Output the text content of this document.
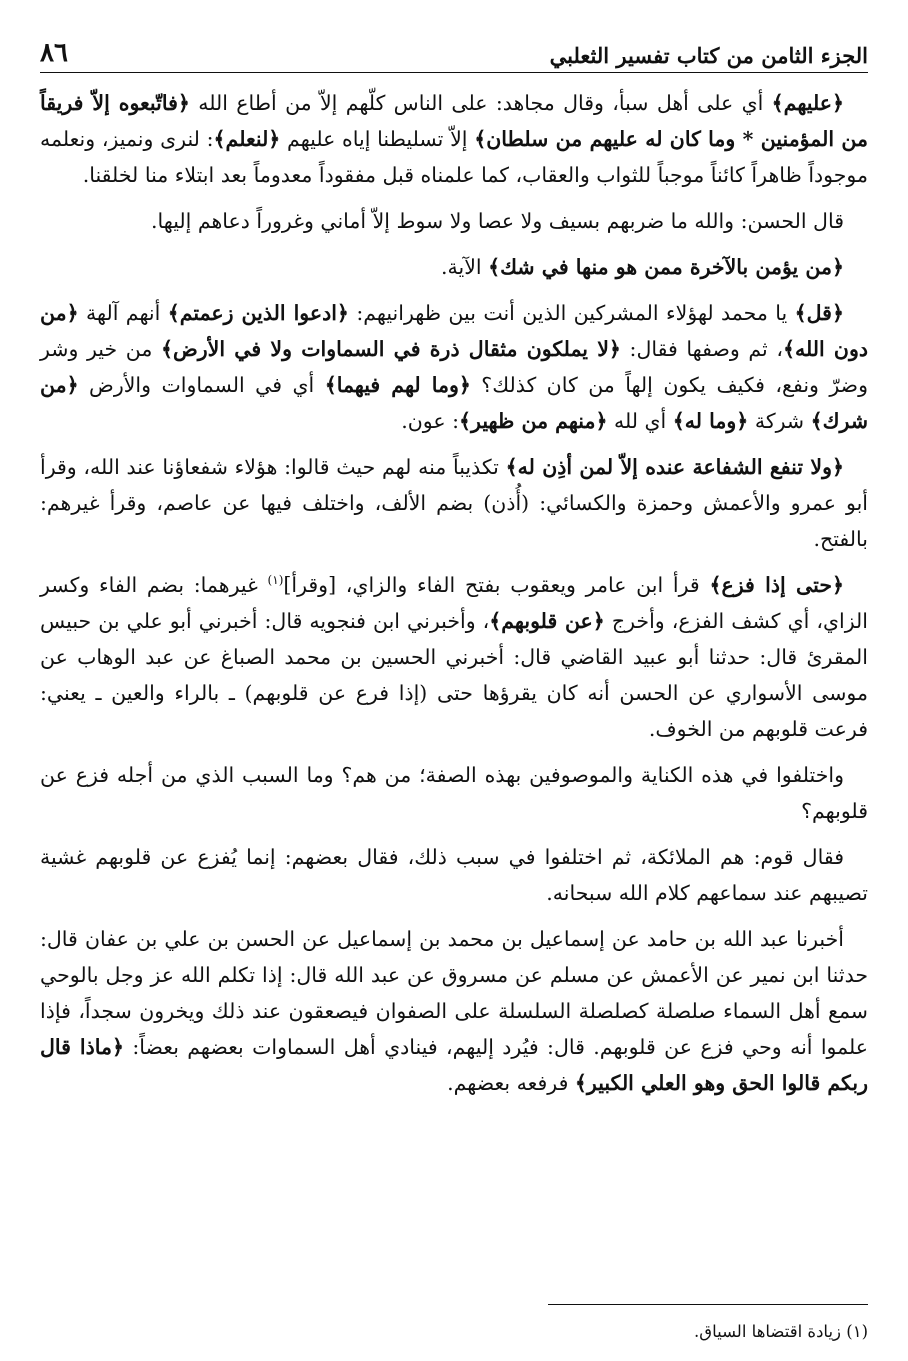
الجزء الثامن من كتاب تفسير الثعلبي
٨٦

﴿عليهم﴾ أي على أهل سبأ، وقال مجاهد: على الناس كلّهم إلاّ من أطاع الله ﴿فاتّبعوه إلاّ فريقاً من المؤمنين * وما كان له عليهم من سلطان﴾ إلاّ تسليطنا إياه عليهم ﴿لنعلم﴾: لنرى ونميز، ونعلمه موجوداً ظاهراً كائناً موجباً للثواب والعقاب، كما علمناه قبل مفقوداً معدوماً بعد ابتلاء منا لخلقنا.

قال الحسن: والله ما ضربهم بسيف ولا عصا ولا سوط إلاّ أماني وغروراً دعاهم إليها.

﴿من يؤمن بالآخرة ممن هو منها في شك﴾ الآية.

﴿قل﴾ يا محمد لهؤلاء المشركين الذين أنت بين ظهرانيهم: ﴿ادعوا الذين زعمتم﴾ أنهم آلهة ﴿من دون الله﴾، ثم وصفها فقال: ﴿لا يملكون مثقال ذرة في السماوات ولا في الأرض﴾ من خير وشر وضرّ ونفع، فكيف يكون إلهاً من كان كذلك؟ ﴿وما لهم فيهما﴾ أي في السماوات والأرض ﴿من شرك﴾ شركة ﴿وما له﴾ أي لله ﴿منهم من ظهير﴾: عون.

﴿ولا تنفع الشفاعة عنده إلاّ لمن أذِن له﴾ تكذيباً منه لهم حيث قالوا: هؤلاء شفعاؤنا عند الله، وقرأ أبو عمرو والأعمش وحمزة والكسائي: (أُذن) بضم الألف، واختلف فيها عن عاصم، وقرأ غيرهم: بالفتح.

﴿حتى إذا فزع﴾ قرأ ابن عامر ويعقوب بفتح الفاء والزاي، [وقرأ]$^{(١)}$ غيرهما: بضم الفاء وكسر الزاي، أي كشف الفزع، وأخرج ﴿عن قلوبهم﴾، وأخبرني ابن فنجويه قال: أخبرني أبو علي بن حبيس المقرئ قال: حدثنا أبو عبيد القاضي قال: أخبرني الحسين بن محمد الصباغ عن عبد الوهاب عن موسى الأسواري عن الحسن أنه كان يقرؤها حتى (إذا فرع عن قلوبهم) ـ بالراء والعين ـ يعني: فرعت قلوبهم من الخوف.

واختلفوا في هذه الكناية والموصوفين بهذه الصفة؛ من هم؟ وما السبب الذي من أجله فزع عن قلوبهم؟

فقال قوم: هم الملائكة، ثم اختلفوا في سبب ذلك، فقال بعضهم: إنما يُفزع عن قلوبهم غشية تصيبهم عند سماعهم كلام الله سبحانه.

أخبرنا عبد الله بن حامد عن إسماعيل بن محمد بن إسماعيل عن الحسن بن علي بن عفان قال: حدثنا ابن نمير عن الأعمش عن مسلم عن مسروق عن عبد الله قال: إذا تكلم الله عز وجل بالوحي سمع أهل السماء صلصلة كصلصلة السلسلة على الصفوان فيصعقون عند ذلك ويخرون سجداً، فإذا علموا أنه وحي فزع عن قلوبهم. قال: فيُرد إليهم، فينادي أهل السماوات بعضهم بعضاً: ﴿ماذا قال ربكم قالوا الحق وهو العلي الكبير﴾ فرفعه بعضهم.

(١) زيادة اقتضاها السياق.
